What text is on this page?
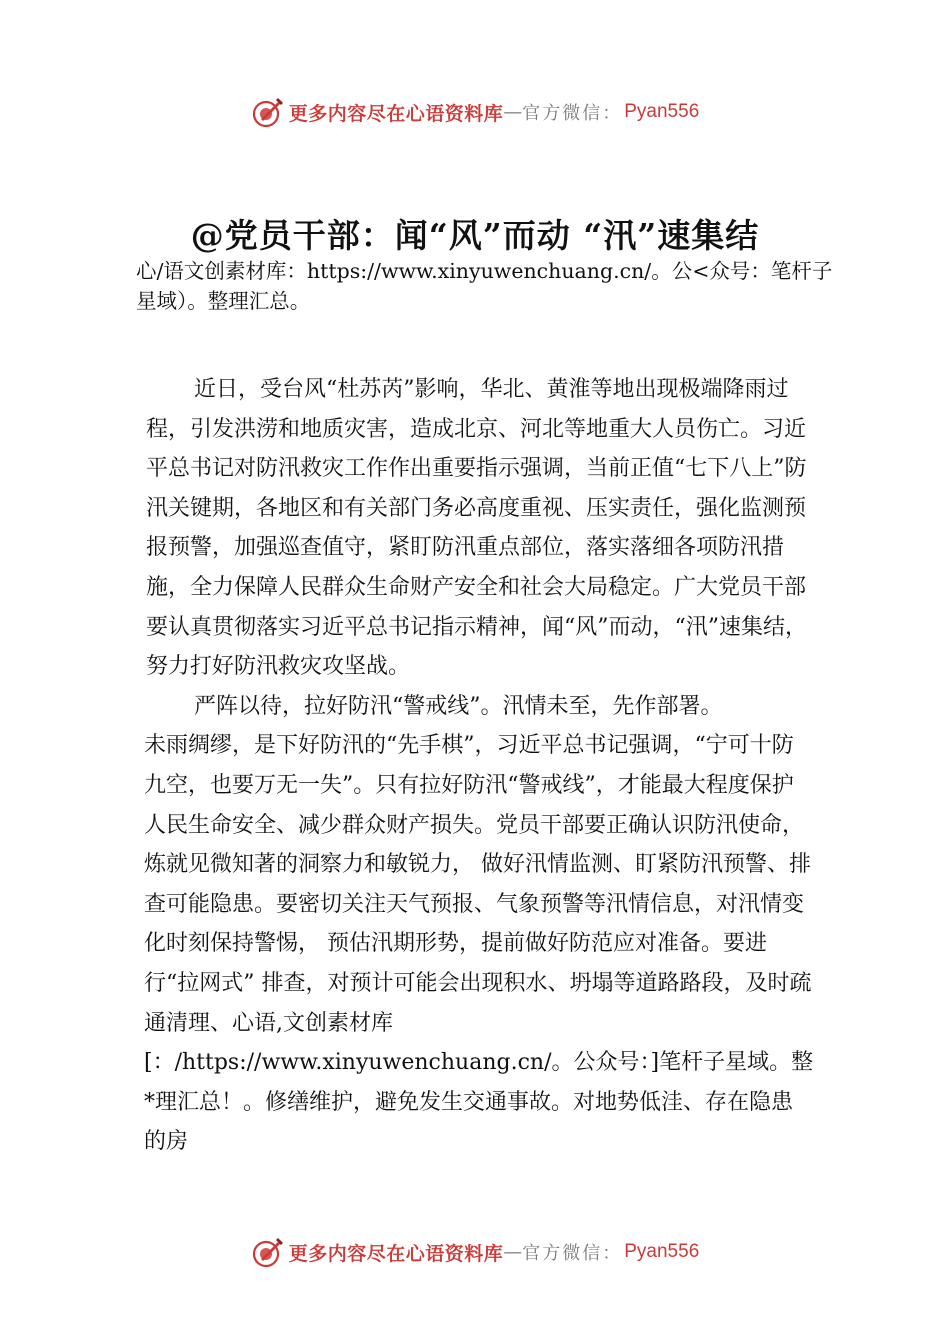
更多内容尽在心语资料库 — 官方微信： Pyan556
@党员干部：闻“风”而动 “汛”速集结
心/语文创素材库：https://www.xinyuwenchuang.cn/。公<众号：笔杆子星域）。整理汇总。

近日，受台风“杜苏芮”影响，华北、黄淮等地出现极端降雨过程，引发洪涝和地质灾害，造成北京、河北等地重大人员伤亡。习近平总书记对防汛救灾工作作出重要指示强调，当前正值“七下八上”防汛关键期，各地区和有关部门务必高度重视、压实责任，强化监测预报预警，加强巡查值守，紧盯防汛重点部位，落实落细各项防汛措施，全力保障人民群众生命财产安全和社会大局稳定。广大党员干部要认真贯彻落实习近平总书记指示精神，闻“风”而动，“汛”速集结，努力打好防汛救灾攻坚战。

严阵以待，拉好防汛“警戒线”。汛情未至，先作部署。

未雨绸缪，是下好防汛的“先手棋”，习近平总书记强调，“宁可十防九空，也要万无一失”。只有拉好防汛“警戒线”，才能最大程度保护人民生命安全、减少群众财产损失。党员干部要正确认识防汛使命，炼就见微知著的洞察力和敏锐力， 做好汛情监测、盯紧防汛预警、排查可能隐患。要密切关注天气预报、气象预警等汛情信息，对汛情变化时刻保持警惕， 预估汛期形势，提前做好防范应对准备。要进行“拉网式” 排查，对预计可能会出现积水、坍塌等道路路段，及时疏通清理、心语,文创素材库[：/https://www.xinyuwenchuang.cn/。公众号：]笔杆子星域。整*理汇总！。修缮维护，避免发生交通事故。对地势低洼、存在隐患的房

更多内容尽在心语资料库 — 官方微信： Pyan556
